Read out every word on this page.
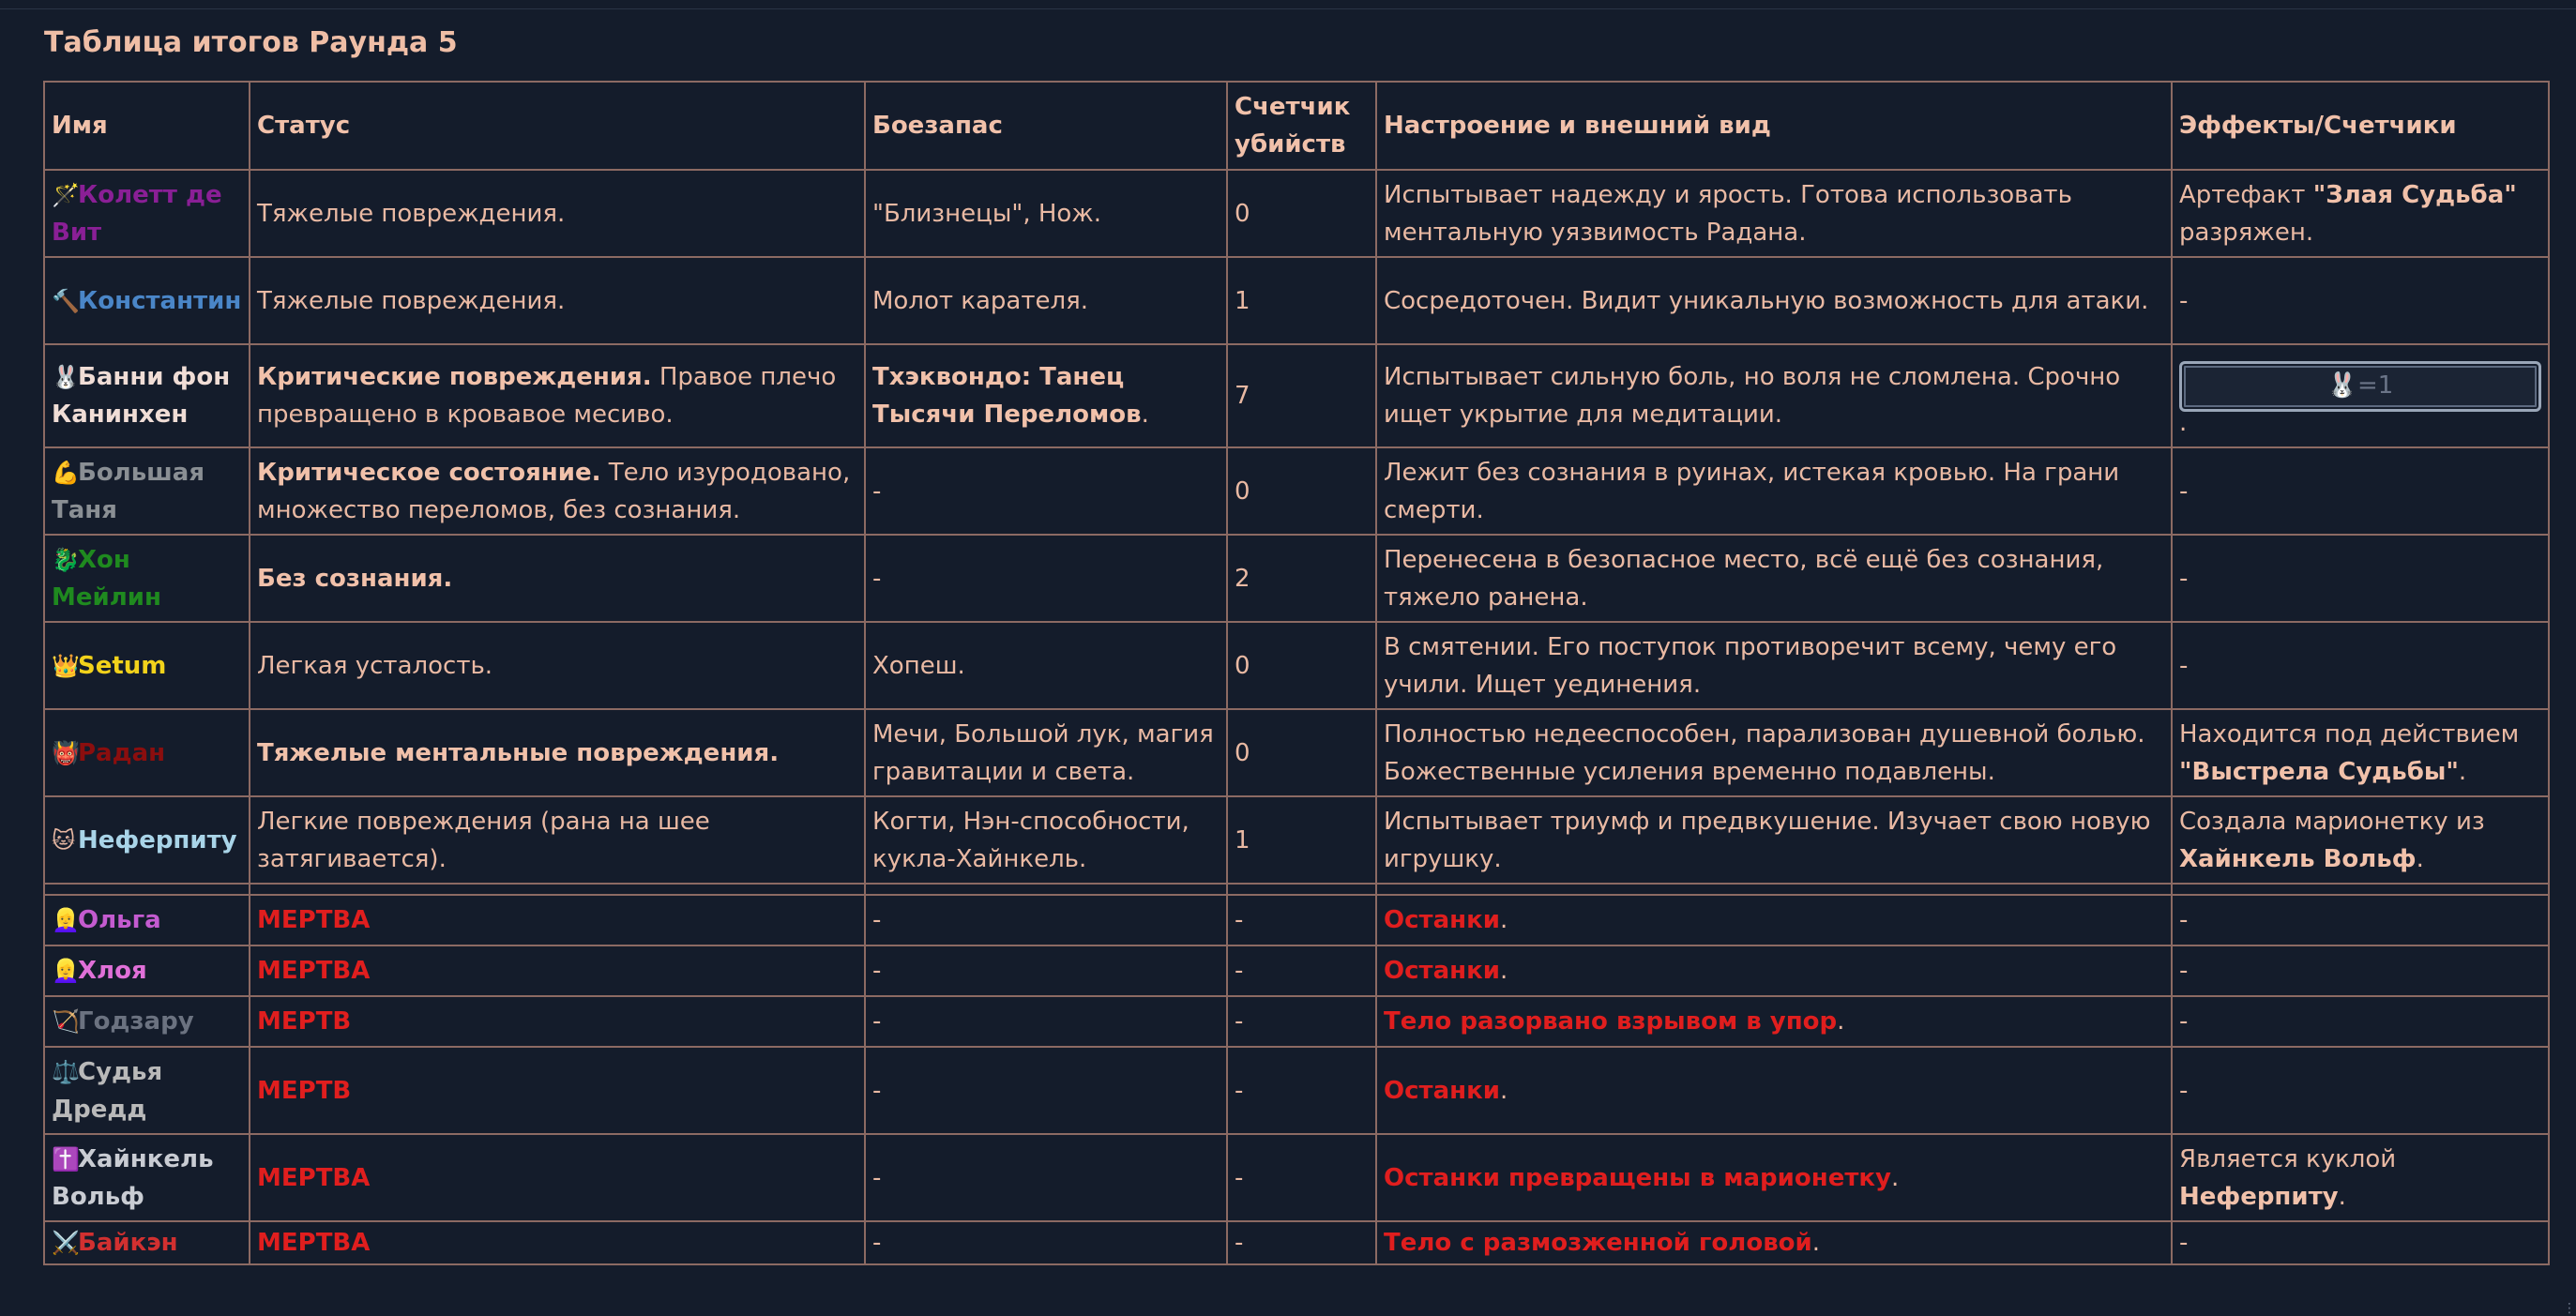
Таблица итогов Раунда 5
Имя	Статус	Боезапас	Счетчик убийств	Настроение и внешний вид	Эффекты/Счетчики
🪄Колетт де Вит	Тяжелые повреждения.	"Близнецы", Нож.	0	Испытывает надежду и ярость. Готова использовать ментальную уязвимость Радана.	Артефакт "Злая Судьба" разряжен.
🔨Константин	Тяжелые повреждения.	Молот карателя.	1	Сосредоточен. Видит уникальную возможность для атаки.	-
🐰Банни фон Канинхен	Критические повреждения. Правое плечо превращено в кровавое месиво.	Тхэквондо: Танец Тысячи Переломов.	7	Испытывает сильную боль, но воля не сломлена. Срочно ищет укрытие для медитации.	🐰=1
.

💪Большая Таня	Критическое состояние. Тело изуродовано, множество переломов, без сознания.	-	0	Лежит без сознания в руинах, истекая кровью. На грани смерти.	-
🐉Хон Мейлин	Без сознания.	-	2	Перенесена в безопасное место, всё ещё без сознания, тяжело ранена.	-
👑Setum	Легкая усталость.	Хопеш.	0	В смятении. Его поступок противоречит всему, чему его учили. Ищет уединения.	-
👹Радан	Тяжелые ментальные повреждения.	Мечи, Большой лук, магия гравитации и света.	0	Полностью недееспособен, парализован душевной болью. Божественные усиления временно подавлены.	Находится под действием "Выстрела Судьбы".
🐱 Неферпиту	Легкие повреждения (рана на шее затягивается).	Когти, Нэн-способности, кукла-Хайнкель.	1	Испытывает триумф и предвкушение. Изучает свою новую игрушку.	Создала марионетку из Хайнкель Вольф.

👱‍♀️Ольга	МЕРТВА	-	-	Останки.	-
👱‍♀️Хлоя	МЕРТВА	-	-	Останки.	-
🏹Годзару	МЕРТВ	-	-	Тело разорвано взрывом в упор.	-
⚖️Судья Дредд	МЕРТВ	-	-	Останки.	-
✝️Хайнкель Вольф	МЕРТВА	-	-	Останки превращены в марионетку.	Является куклой Неферпиту.
⚔️Байкэн	МЕРТВА	-	-	Тело с размозженной головой.	-
⋮
